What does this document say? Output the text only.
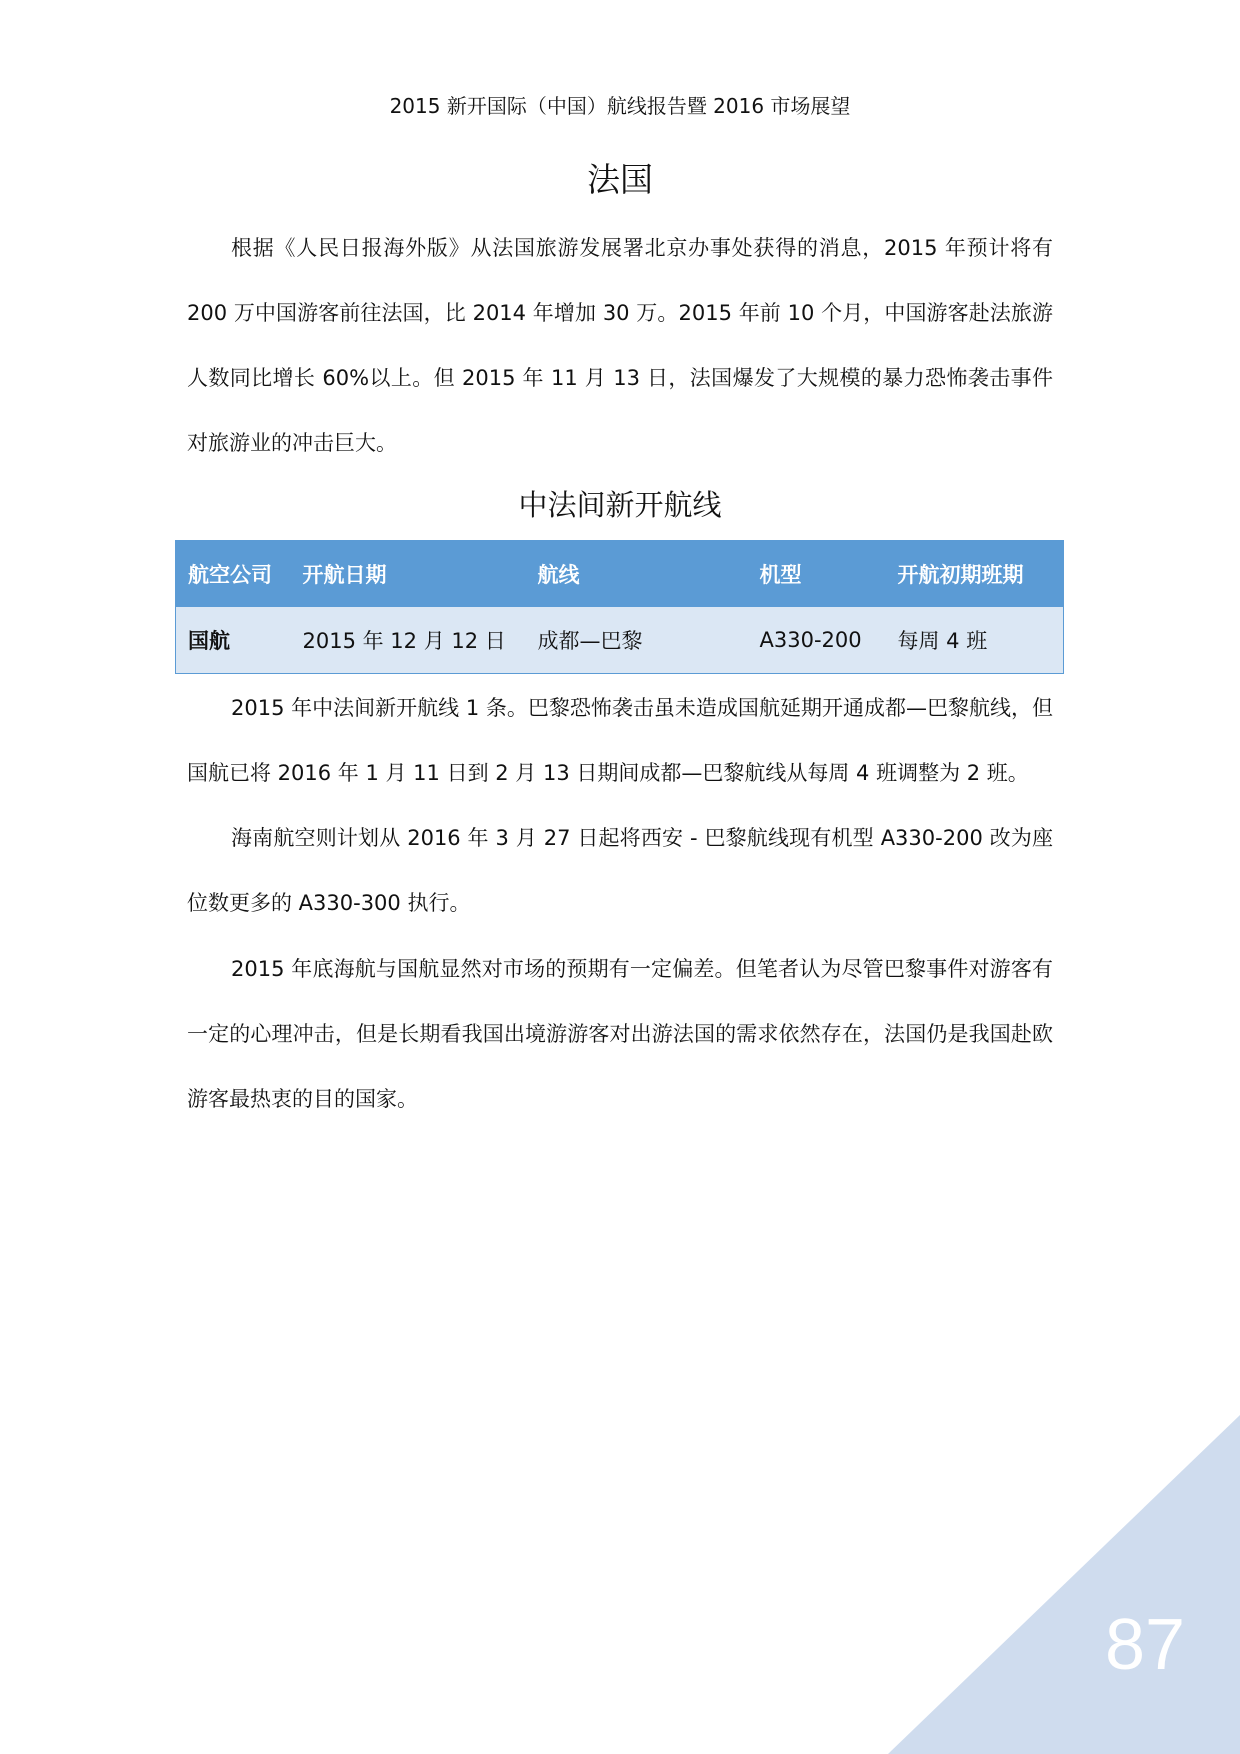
2015 新开国际（中国）航线报告暨 2016 市场展望
法国

根据《人民日报海外版》从法国旅游发展署北京办事处获得的消息，2015 年预计将有 200 万中国游客前往法国，比 2014 年增加 30 万。2015 年前 10 个月，中国游客赴法旅游人数同比增长 60%以上。但 2015 年 11 月 13 日，法国爆发了大规模的暴力恐怖袭击事件对旅游业的冲击巨大。

中法间新开航线
航空公司	开航日期	航线	机型	开航初期班期
国航	2015 年 12 月 12 日	成都—巴黎	A330-200	每周 4 班

2015 年中法间新开航线 1 条。巴黎恐怖袭击虽未造成国航延期开通成都—巴黎航线，但国航已将 2016 年 1 月 11 日到 2 月 13 日期间成都—巴黎航线从每周 4 班调整为 2 班。

海南航空则计划从 2016 年 3 月 27 日起将西安 - 巴黎航线现有机型 A330-200 改为座位数更多的 A330-300 执行。

2015 年底海航与国航显然对市场的预期有一定偏差。但笔者认为尽管巴黎事件对游客有一定的心理冲击，但是长期看我国出境游游客对出游法国的需求依然存在，法国仍是我国赴欧游客最热衷的目的国家。

87
